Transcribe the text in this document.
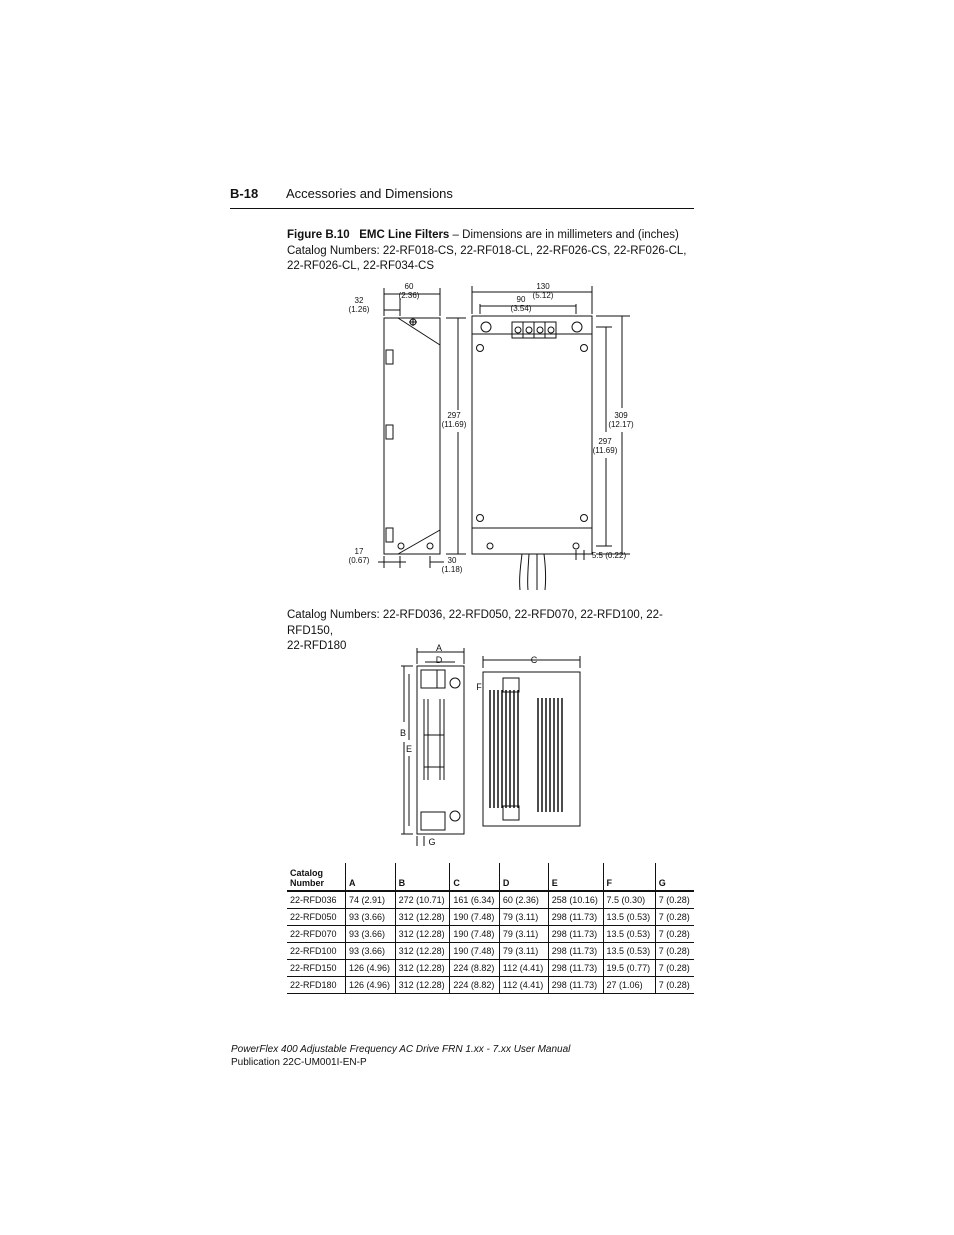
B-18 Accessories and Dimensions
Figure B.10 EMC Line Filters – Dimensions are in millimeters and (inches)
Catalog Numbers: 22-RF018-CS, 22-RF018-CL, 22-RF026-CS, 22-RF026-CL,
22-RF026-CL, 22-RF034-CS
32
(1.26)
60
(2.36)
130
(5.12)
90
(3.54)
297
(11.69)
309
(12.17)
297
(11.69)
17
(0.67)	30
(1.18)
5.5 (0.22)
Catalog Numbers: 22-RFD036, 22-RFD050, 22-RFD070, 22-RFD100, 22-RFD150,
22-RFD180	A
D
B
E
C
F
G
Catalog
Number	A	B	C	D	E	F	G
22-RFD036	74 (2.91)	272 (10.71)	161 (6.34)	60 (2.36)	258 (10.16)	7.5 (0.30)	7 (0.28)
22-RFD050	93 (3.66)	312 (12.28)	190 (7.48)	79 (3.11)	298 (11.73)	13.5 (0.53)	7 (0.28)
22-RFD070	93 (3.66)	312 (12.28)	190 (7.48)	79 (3.11)	298 (11.73)	13.5 (0.53)	7 (0.28)
22-RFD100	93 (3.66)	312 (12.28)	190 (7.48)	79 (3.11)	298 (11.73)	13.5 (0.53)	7 (0.28)
22-RFD150	126 (4.96)	312 (12.28)	224 (8.82)	112 (4.41)	298 (11.73)	19.5 (0.77)	7 (0.28)
22-RFD180	126 (4.96)	312 (12.28)	224 (8.82)	112 (4.41)	298 (11.73)	27 (1.06)	7 (0.28)
PowerFlex 400 Adjustable Frequency AC Drive FRN 1.xx - 7.xx User Manual
Publication 22C-UM001I-EN-P
